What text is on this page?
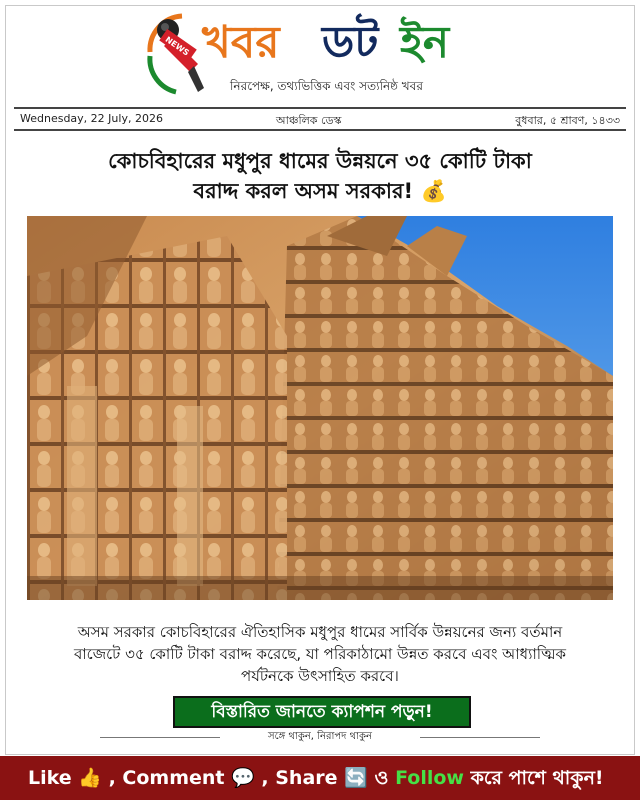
NEWS খবর ডট ইন
নিরপেক্ষ, তথ্যভিত্তিক এবং সত্যনিষ্ঠ খবর
Wednesday, 22 July, 2026	আঞ্চলিক ডেস্ক	বুধবার, ৫ শ্রাবণ, ১৪৩৩
কোচবিহারের মধুপুর ধামের উন্নয়নে ৩৫ কোটি টাকা
বরাদ্দ করল অসম সরকার! 💰
অসম সরকার কোচবিহারের ঐতিহাসিক মধুপুর ধামের সার্বিক উন্নয়নের জন্য বর্তমান
বাজেটে ৩৫ কোটি টাকা বরাদ্দ করেছে, যা পরিকাঠামো উন্নত করবে এবং আধ্যাত্মিক
পর্যটনকে উৎসাহিত করবে।
বিস্তারিত জানতে ক্যাপশন পড়ুন!
সঙ্গে থাকুন, নিরাপদ থাকুন
Like 👍 , Comment 💬 , Share 🔄 ও Follow করে পাশে থাকুন!
